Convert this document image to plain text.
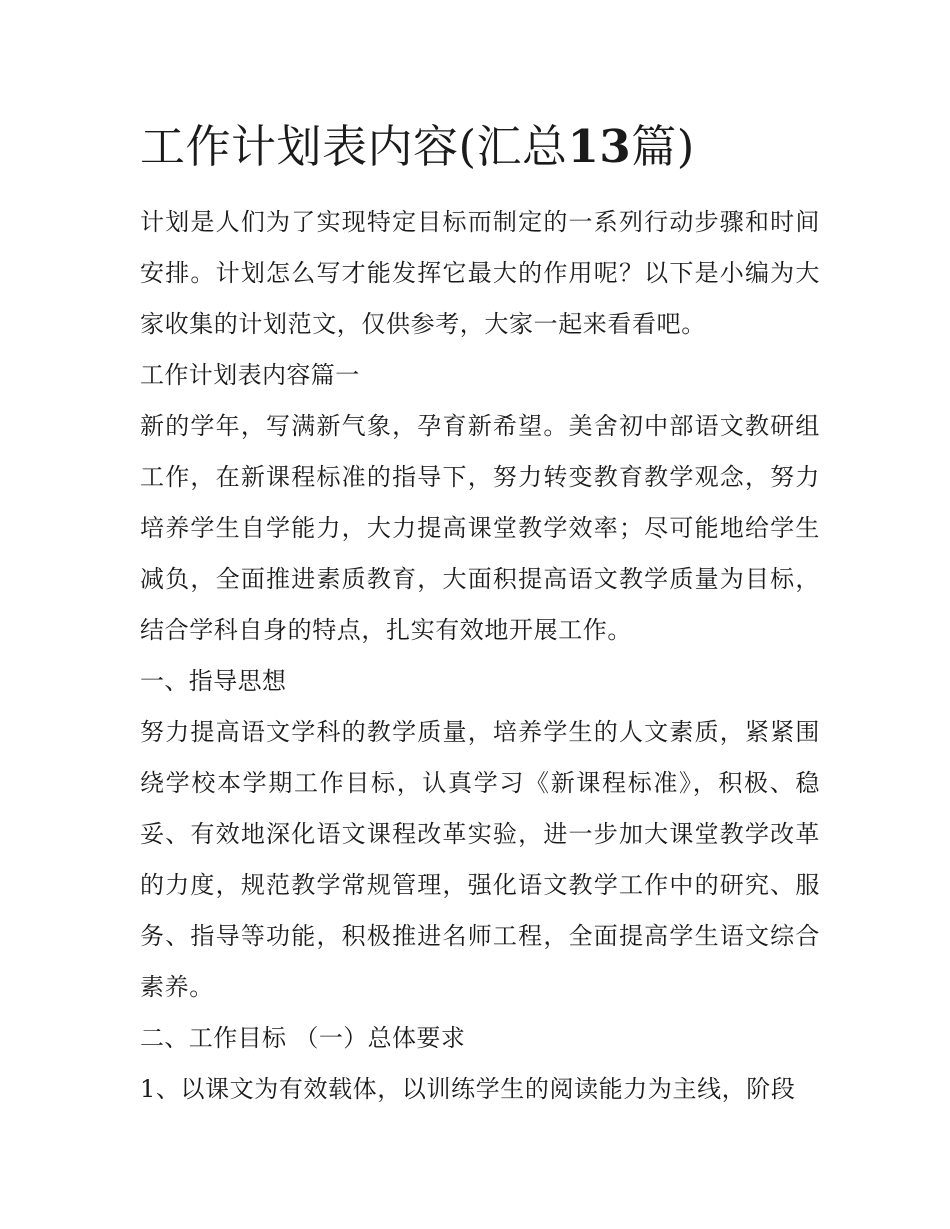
工作计划表内容(汇总13篇)

计划是人们为了实现特定目标而制定的一系列行动步骤和时间安排。计划怎么写才能发挥它最大的作用呢？以下是小编为大家收集的计划范文，仅供参考，大家一起来看看吧。

工作计划表内容篇一

新的学年，写满新气象，孕育新希望。美舍初中部语文教研组工作，在新课程标准的指导下，努力转变教育教学观念，努力培养学生自学能力，大力提高课堂教学效率；尽可能地给学生减负，全面推进素质教育，大面积提高语文教学质量为目标，结合学科自身的特点，扎实有效地开展工作。

一、指导思想

努力提高语文学科的教学质量，培养学生的人文素质，紧紧围绕学校本学期工作目标，认真学习《新课程标准》，积极、稳妥、有效地深化语文课程改革实验，进一步加大课堂教学改革的力度，规范教学常规管理，强化语文教学工作中的研究、服务、指导等功能，积极推进名师工程，全面提高学生语文综合素养。

二、工作目标 （一）总体要求

1、以课文为有效载体，以训练学生的阅读能力为主线，阶段
